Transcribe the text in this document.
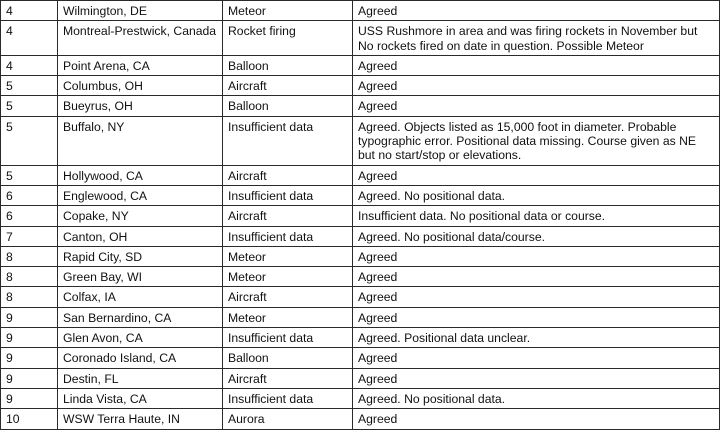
4	Wilmington, DE	Meteor	Agreed
4	Montreal-Prestwick, Canada	Rocket firing	USS Rushmore in area and was firing rockets in November but
No rockets fired on date in question. Possible Meteor
4	Point Arena, CA	Balloon	Agreed
5	Columbus, OH	Aircraft	Agreed
5	Bueyrus, OH	Balloon	Agreed
5	Buffalo, NY	Insufficient data	Agreed. Objects listed as 15,000 foot in diameter. Probable
typographic error. Positional data missing. Course given as NE
but no start/stop or elevations.
5	Hollywood, CA	Aircraft	Agreed
6	Englewood, CA	Insufficient data	Agreed. No positional data.
6	Copake, NY	Aircraft	Insufficient data. No positional data or course.
7	Canton, OH	Insufficient data	Agreed. No positional data/course.
8	Rapid City, SD	Meteor	Agreed
8	Green Bay, WI	Meteor	Agreed
8	Colfax, IA	Aircraft	Agreed
9	San Bernardino, CA	Meteor	Agreed
9	Glen Avon, CA	Insufficient data	Agreed. Positional data unclear.
9	Coronado Island, CA	Balloon	Agreed
9	Destin, FL	Aircraft	Agreed
9	Linda Vista, CA	Insufficient data	Agreed. No positional data.
10	WSW Terra Haute, IN	Aurora	Agreed
